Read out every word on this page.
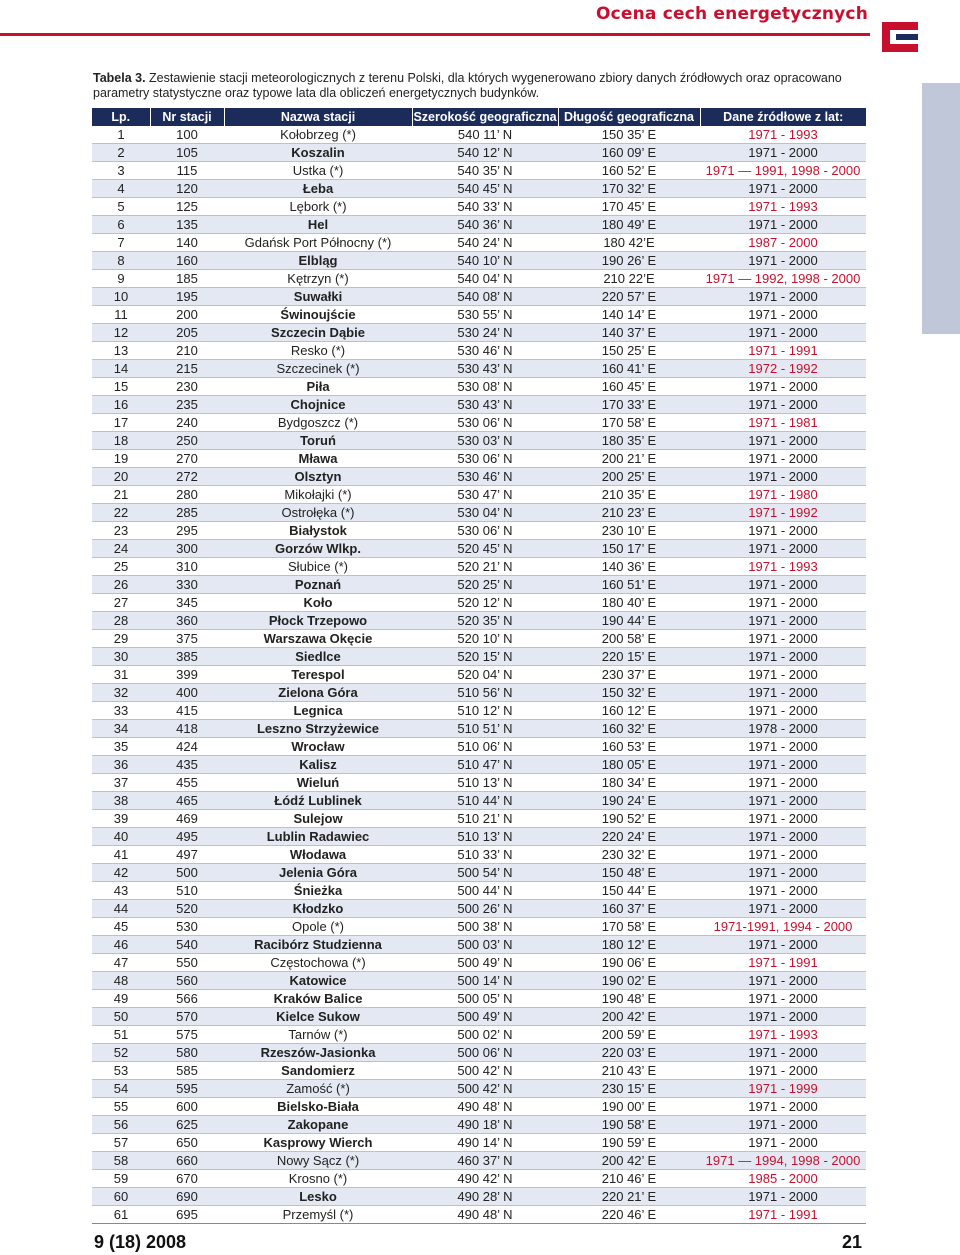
Ocena cech energetycznych
Tabela 3. Zestawienie stacji meteorologicznych z terenu Polski, dla których wygenerowano zbiory danych źródłowych oraz opracowano parametry statystyczne oraz typowe lata dla obliczeń energetycznych budynków.
Lp.	Nr stacji	Nazwa stacji	Szerokość geograficzna	Długość geograficzna	Dane źródłowe z lat:
1	100	Kołobrzeg (*)	540 11’ N	150 35’ E	1971 - 1993
2	105	Koszalin	540 12’ N	160 09’ E	1971 - 2000
3	115	Ustka (*)	540 35’ N	160 52’ E	1971 — 1991, 1998 - 2000
4	120	Łeba	540 45’ N	170 32’ E	1971 - 2000
5	125	Lębork (*)	540 33’ N	170 45’ E	1971 - 1993
6	135	Hel	540 36’ N	180 49’ E	1971 - 2000
7	140	Gdańsk Port Północny (*)	540 24’ N	180 42’E	1987 - 2000
8	160	Elbląg	540 10’ N	190 26’ E	1971 - 2000
9	185	Kętrzyn (*)	540 04’ N	210 22’E	1971 — 1992, 1998 - 2000
10	195	Suwałki	540 08’ N	220 57’ E	1971 - 2000
11	200	Świnoujście	530 55’ N	140 14’ E	1971 - 2000
12	205	Szczecin Dąbie	530 24’ N	140 37’ E	1971 - 2000
13	210	Resko (*)	530 46’ N	150 25’ E	1971 - 1991
14	215	Szczecinek (*)	530 43’ N	160 41’ E	1972 - 1992
15	230	Piła	530 08’ N	160 45’ E	1971 - 2000
16	235	Chojnice	530 43’ N	170 33’ E	1971 - 2000
17	240	Bydgoszcz (*)	530 06’ N	170 58’ E	1971 - 1981
18	250	Toruń	530 03’ N	180 35’ E	1971 - 2000
19	270	Mława	530 06’ N	200 21’ E	1971 - 2000
20	272	Olsztyn	530 46’ N	200 25’ E	1971 - 2000
21	280	Mikołajki (*)	530 47’ N	210 35’ E	1971 - 1980
22	285	Ostrołęka (*)	530 04’ N	210 23’ E	1971 - 1992
23	295	Białystok	530 06’ N	230 10’ E	1971 - 2000
24	300	Gorzów Wlkp.	520 45’ N	150 17’ E	1971 - 2000
25	310	Słubice (*)	520 21’ N	140 36’ E	1971 - 1993
26	330	Poznań	520 25’ N	160 51’ E	1971 - 2000
27	345	Koło	520 12’ N	180 40’ E	1971 - 2000
28	360	Płock Trzepowo	520 35’ N	190 44’ E	1971 - 2000
29	375	Warszawa Okęcie	520 10’ N	200 58’ E	1971 - 2000
30	385	Siedlce	520 15’ N	220 15’ E	1971 - 2000
31	399	Terespol	520 04’ N	230 37’ E	1971 - 2000
32	400	Zielona Góra	510 56’ N	150 32’ E	1971 - 2000
33	415	Legnica	510 12’ N	160 12’ E	1971 - 2000
34	418	Leszno Strzyżewice	510 51’ N	160 32’ E	1978 - 2000
35	424	Wrocław	510 06’ N	160 53’ E	1971 - 2000
36	435	Kalisz	510 47’ N	180 05’ E	1971 - 2000
37	455	Wieluń	510 13’ N	180 34’ E	1971 - 2000
38	465	Łódź Lublinek	510 44’ N	190 24’ E	1971 - 2000
39	469	Sulejow	510 21’ N	190 52’ E	1971 - 2000
40	495	Lublin Radawiec	510 13’ N	220 24’ E	1971 - 2000
41	497	Włodawa	510 33’ N	230 32’ E	1971 - 2000
42	500	Jelenia Góra	500 54’ N	150 48’ E	1971 - 2000
43	510	Śnieżka	500 44’ N	150 44’ E	1971 - 2000
44	520	Kłodzko	500 26’ N	160 37’ E	1971 - 2000
45	530	Opole (*)	500 38’ N	170 58’ E	1971-1991, 1994 - 2000
46	540	Racibórz Studzienna	500 03’ N	180 12’ E	1971 - 2000
47	550	Częstochowa (*)	500 49’ N	190 06’ E	1971 - 1991
48	560	Katowice	500 14’ N	190 02’ E	1971 - 2000
49	566	Kraków Balice	500 05’ N	190 48’ E	1971 - 2000
50	570	Kielce Sukow	500 49’ N	200 42’ E	1971 - 2000
51	575	Tarnów (*)	500 02’ N	200 59’ E	1971 - 1993
52	580	Rzeszów-Jasionka	500 06’ N	220 03’ E	1971 - 2000
53	585	Sandomierz	500 42’ N	210 43’ E	1971 - 2000
54	595	Zamość (*)	500 42’ N	230 15’ E	1971 - 1999
55	600	Bielsko-Biała	490 48’ N	190 00’ E	1971 - 2000
56	625	Zakopane	490 18’ N	190 58’ E	1971 - 2000
57	650	Kasprowy Wierch	490 14’ N	190 59’ E	1971 - 2000
58	660	Nowy Sącz (*)	460 37’ N	200 42’ E	1971 — 1994, 1998 - 2000
59	670	Krosno (*)	490 42’ N	210 46’ E	1985 - 2000
60	690	Lesko	490 28’ N	220 21’ E	1971 - 2000
61	695	Przemyśl (*)	490 48’ N	220 46’ E	1971 - 1991
9 (18) 2008	21
